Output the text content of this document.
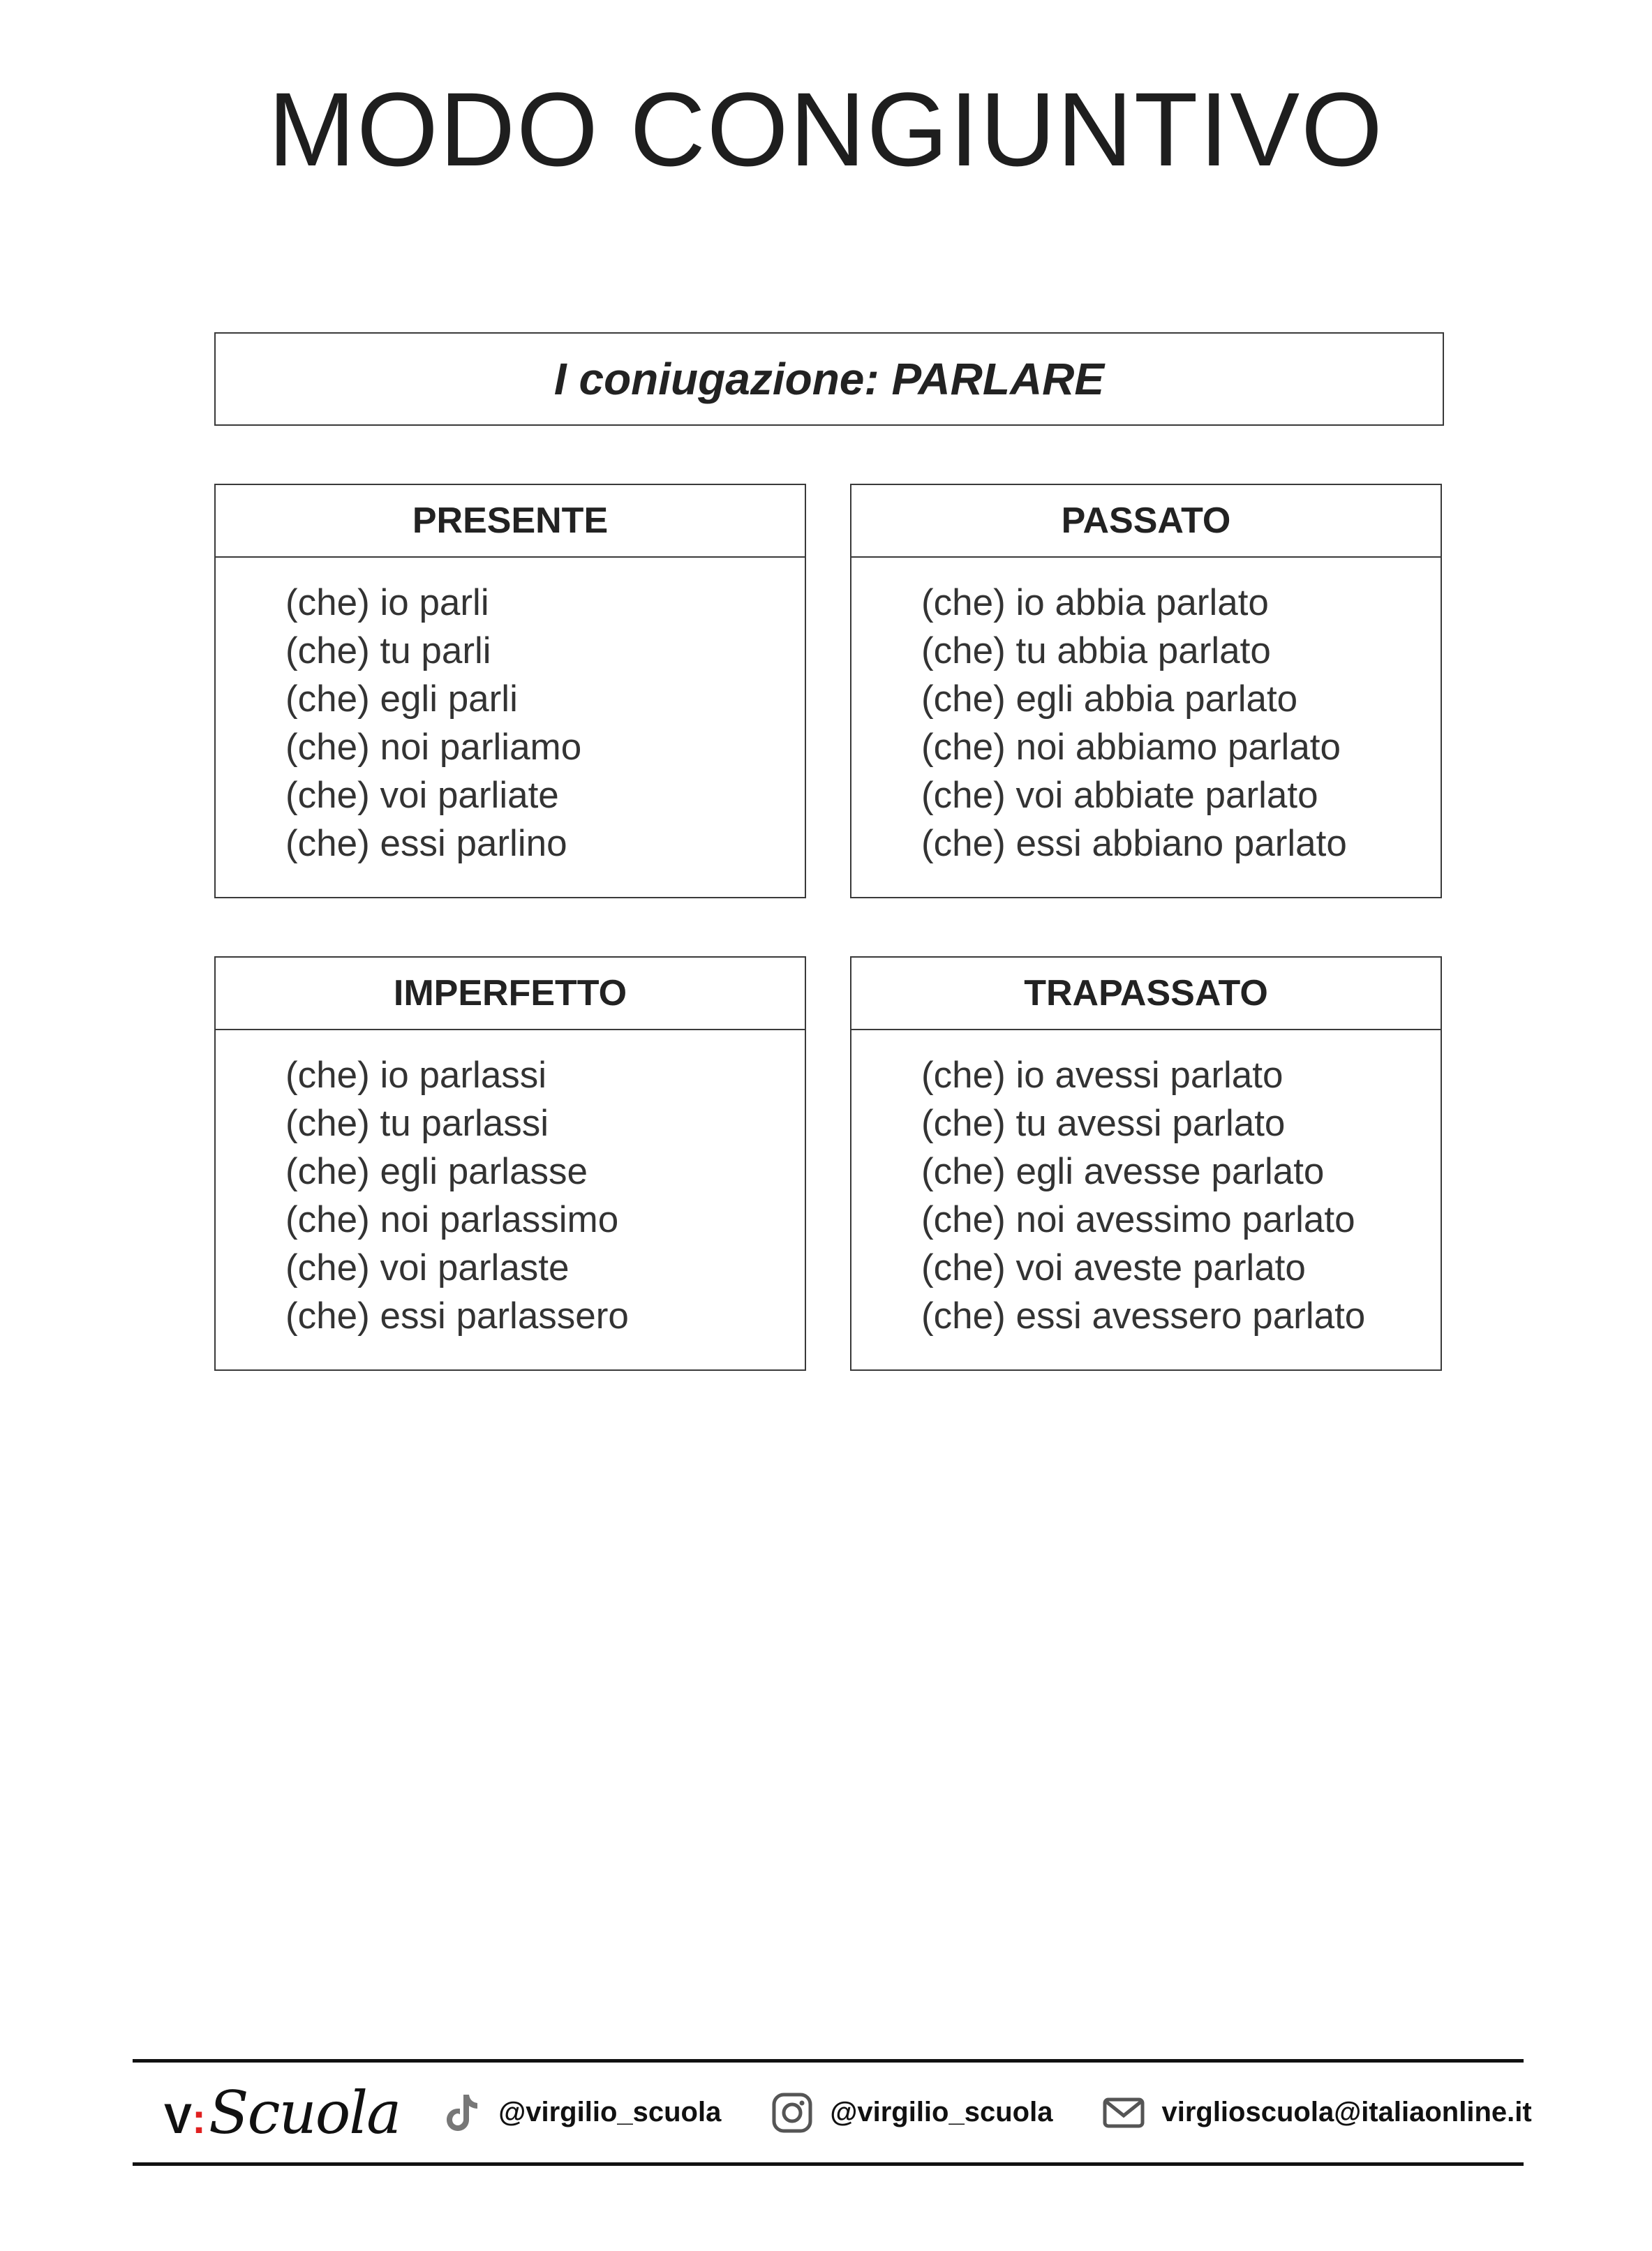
MODO CONGIUNTIVO
I coniugazione: PARLARE
PRESENTE
(che) io parli
(che) tu parli
(che) egli parli
(che) noi parliamo
(che) voi parliate
(che) essi parlino
PASSATO
(che) io abbia parlato
(che) tu abbia parlato
(che) egli abbia parlato
(che) noi abbiamo parlato
(che) voi abbiate parlato
(che) essi abbiano parlato
IMPERFETTO
(che) io parlassi
(che) tu parlassi
(che) egli parlasse
(che) noi parlassimo
(che) voi parlaste
(che) essi parlassero
TRAPASSATO
(che) io avessi parlato
(che) tu avessi parlato
(che) egli avesse parlato
(che) noi avessimo parlato
(che) voi aveste parlato
(che) essi avessero parlato
V : Scuola	@virgilio_scuola	@virgilio_scuola	virglioscuola@italiaonline.it
